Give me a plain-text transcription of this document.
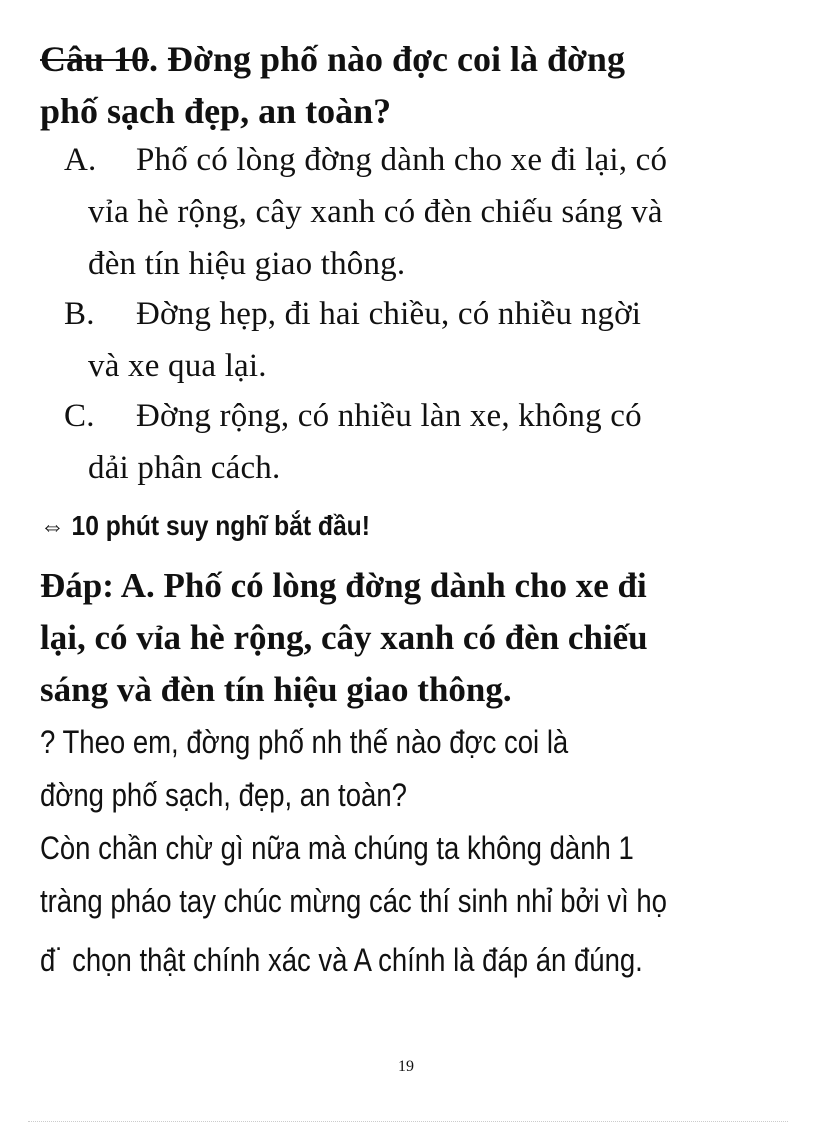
Câu 10. Đờng phố nào đợc coi là đờng
phố sạch đẹp, an toàn?
A. Phố có lòng đờng dành cho xe đi lại, có
vỉa hè rộng, cây xanh có đèn chiếu sáng và
đèn tín hiệu giao thông.
B. Đờng hẹp, đi hai chiều, có nhiều ngời
và xe qua lại.
C. Đờng rộng, có nhiều làn xe, không có
dải phân cách.
⇔ 10 phút suy nghĩ bắt đầu!
Đáp: A. Phố có lòng đờng dành cho xe đi
lại, có vỉa hè rộng, cây xanh có đèn chiếu
sáng và đèn tín hiệu giao thông.
? Theo em, đờng phố nh thế nào đợc coi là
đờng phố sạch, đẹp, an toàn?
Còn chần chừ gì nữa mà chúng ta không dành 1
tràng pháo tay chúc mừng các thí sinh nhỉ bởi vì họ
đ˙ chọn thật chính xác và A chính là đáp án đúng.
19
